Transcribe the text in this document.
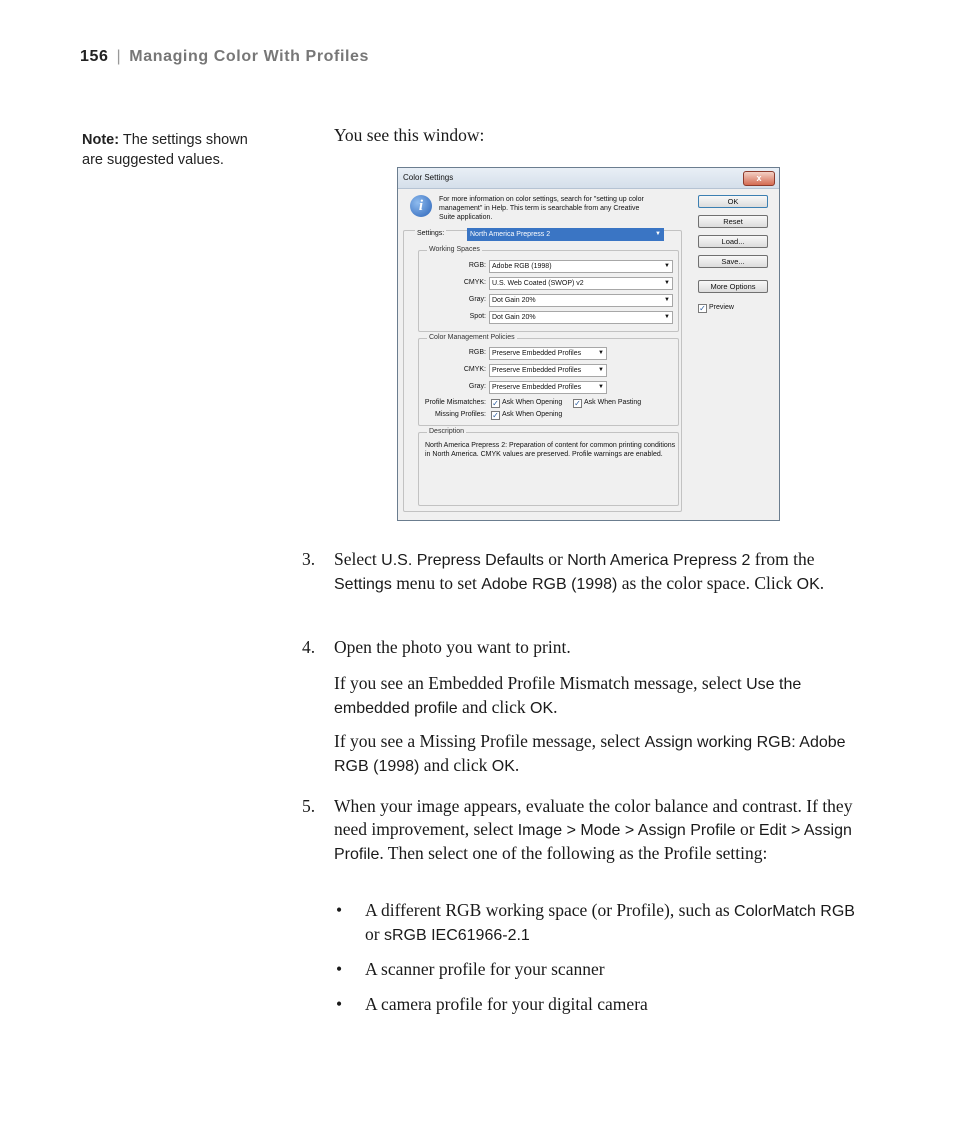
156 | Managing Color With Profiles
Note: The settings shown are suggested values.
You see this window:
Color Settings	x
i	For more information on color settings, search for "setting up color management" in Help. This term is searchable from any Creative Suite application.
Settings:	North America Prepress 2	▼
Working Spaces
RGB: Adobe RGB (1998)	▼
CMYK: U.S. Web Coated (SWOP) v2	▼
Gray: Dot Gain 20%	▼
Spot: Dot Gain 20%	▼
Color Management Policies
RGB: Preserve Embedded Profiles	▼
CMYK: Preserve Embedded Profiles	▼
Gray: Preserve Embedded Profiles	▼
Profile Mismatches: ✓ Ask When Opening ✓ Ask When Pasting
Missing Profiles: ✓ Ask When Opening
Description
North America Prepress 2: Preparation of content for common printing conditions in North America. CMYK values are preserved. Profile warnings are enabled.
OK
Reset
Load...
Save...
More Options
✓ Preview
3. Select U.S. Prepress Defaults or North America Prepress 2 from the Settings menu to set Adobe RGB (1998) as the color space. Click OK.
4. Open the photo you want to print.
If you see an Embedded Profile Mismatch message, select Use the embedded profile and click OK.
If you see a Missing Profile message, select Assign working RGB: Adobe RGB (1998) and click OK.
5. When your image appears, evaluate the color balance and contrast. If they need improvement, select Image > Mode > Assign Profile or Edit > Assign Profile. Then select one of the following as the Profile setting:
• A different RGB working space (or Profile), such as ColorMatch RGB or sRGB IEC61966-2.1
• A scanner profile for your scanner
• A camera profile for your digital camera
